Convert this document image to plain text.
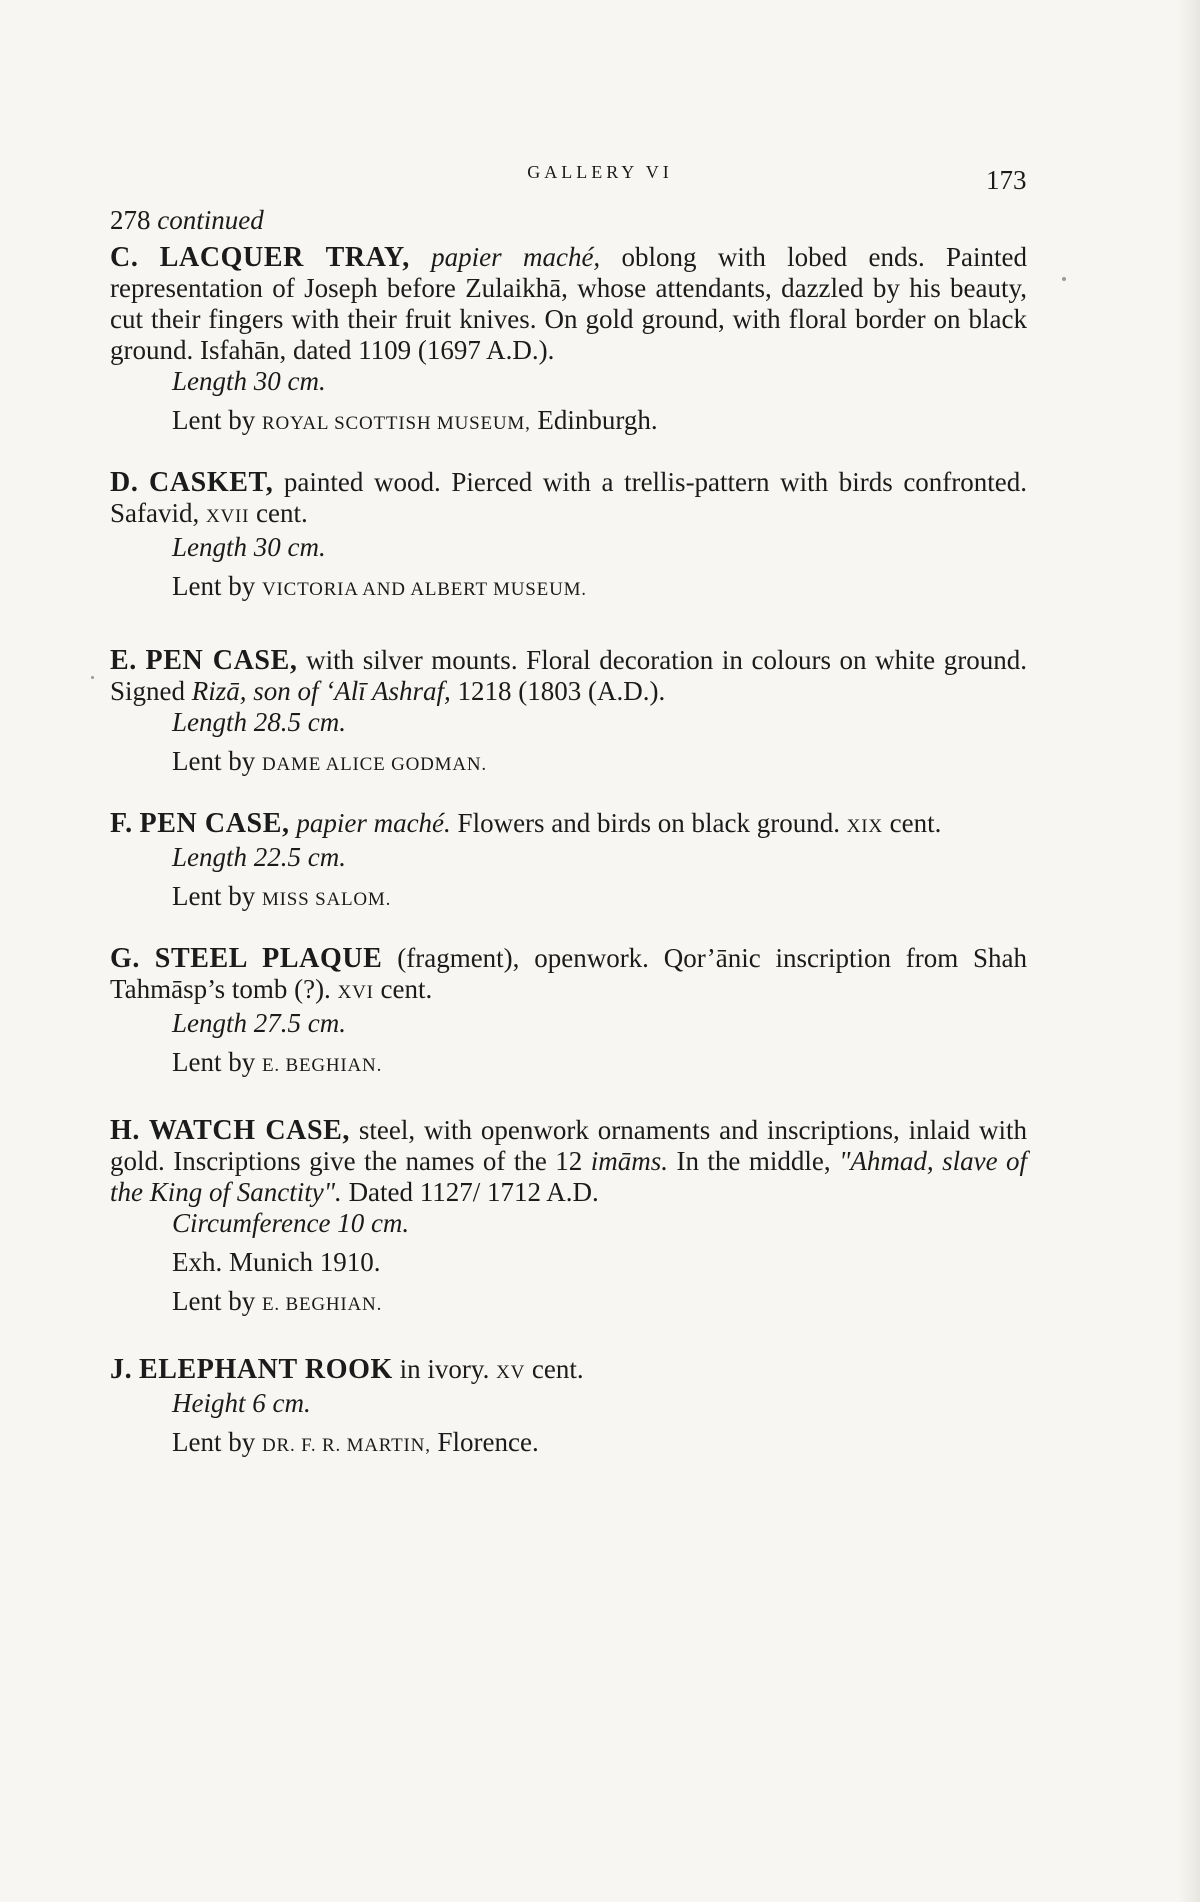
GALLERY VI	173

278 continued

C. LACQUER TRAY, papier maché, oblong with lobed ends. Painted representation of Joseph before Zulaikhā, whose attendants, dazzled by his beauty, cut their fingers with their fruit knives. On gold ground, with floral border on black ground. Isfahān, dated 1109 (1697 A.D.).

Length 30 cm.

Lent by ROYAL SCOTTISH MUSEUM, Edinburgh.

D. CASKET, painted wood. Pierced with a trellis-pattern with birds confronted. Safavid, XVII cent.

Length 30 cm.

Lent by VICTORIA AND ALBERT MUSEUM.

E. PEN CASE, with silver mounts. Floral decoration in colours on white ground. Signed Rizā, son of ‘Alī Ashraf, 1218 (1803 (A.D.).

Length 28.5 cm.

Lent by DAME ALICE GODMAN.

F. PEN CASE, papier maché. Flowers and birds on black ground. XIX cent.

Length 22.5 cm.

Lent by MISS SALOM.

G. STEEL PLAQUE (fragment), openwork. Qor’ānic inscription from Shah Tahmāsp’s tomb (?). XVI cent.

Length 27.5 cm.

Lent by E. BEGHIAN.

H. WATCH CASE, steel, with openwork ornaments and inscriptions, inlaid with gold. Inscriptions give the names of the 12 imāms. In the middle, "Ahmad, slave of the King of Sanctity". Dated 1127/ 1712 A.D.

Circumference 10 cm.

Exh. Munich 1910.

Lent by E. BEGHIAN.

J. ELEPHANT ROOK in ivory. XV cent.

Height 6 cm.

Lent by DR. F. R. MARTIN, Florence.
